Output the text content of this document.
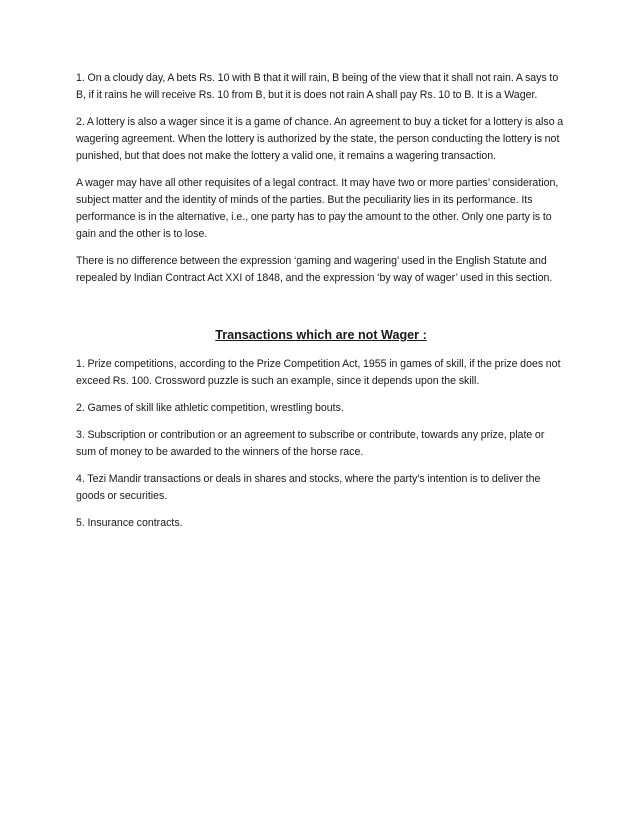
1. On a cloudy day, A bets Rs. 10 with B that it will rain, B being of the view that it shall not rain. A says to B, if it rains he will receive Rs. 10 from B, but it is does not rain A shall pay Rs. 10 to B. It is a Wager.

2. A lottery is also a wager since it is a game of chance. An agreement to buy a ticket for a lottery is also a wagering agreement. When the lottery is authorized by the state, the person conducting the lottery is not punished, but that does not make the lottery a valid one, it remains a wagering transaction.

A wager may have all other requisites of a legal contract. It may have two or more parties’ consideration, subject matter and the identity of minds of the parties. But the peculiarity lies in its performance. Its performance is in the alternative, i.e., one party has to pay the amount to the other. Only one party is to gain and the other is to lose.

There is no difference between the expression ‘gaming and wagering’ used in the English Statute and repealed by Indian Contract Act XXI of 1848, and the expression ‘by way of wager’ used in this section.

Transactions which are not Wager :

1. Prize competitions, according to the Prize Competition Act, 1955 in games of skill, if the prize does not exceed Rs. 100. Crossword puzzle is such an example, since it depends upon the skill.

2. Games of skill like athletic competition, wrestling bouts.

3. Subscription or contribution or an agreement to subscribe or contribute, towards any prize, plate or sum of money to be awarded to the winners of the horse race.

4. Tezi Mandir transactions or deals in shares and stocks, where the party’s intention is to deliver the goods or securities.

5. Insurance contracts.
